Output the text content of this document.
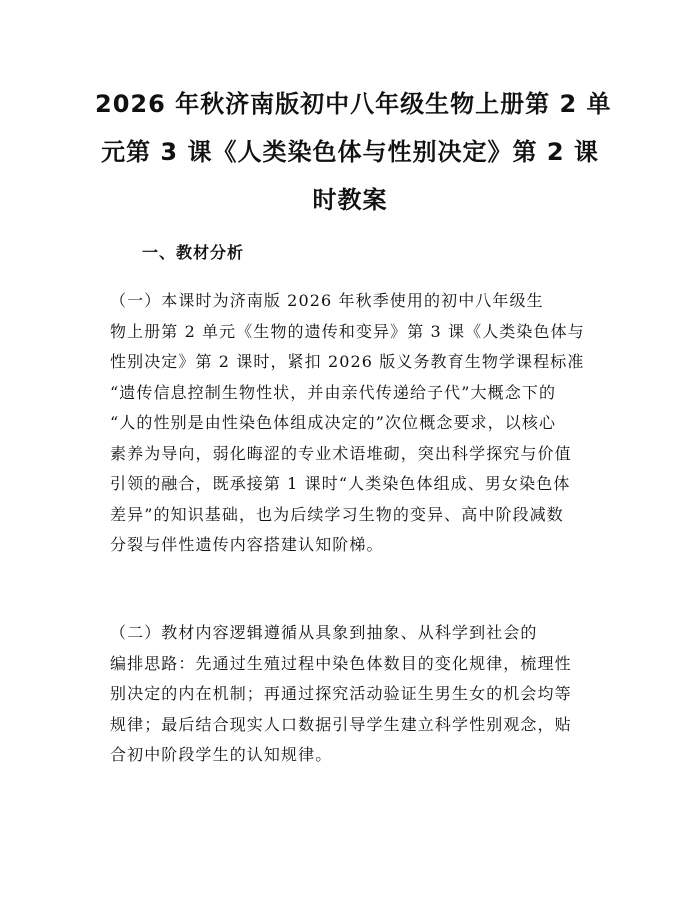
2026 年秋济南版初中八年级生物上册第 2 单
元第 3 课《人类染色体与性别决定》第 2 课
时教案
一、教材分析

（一）本课时为济南版 2026 年秋季使用的初中八年级生
物上册第 2 单元《生物的遗传和变异》第 3 课《人类染色体与
性别决定》第 2 课时，紧扣 2026 版义务教育生物学课程标准
“遗传信息控制生物性状，并由亲代传递给子代”大概念下的
“人的性别是由性染色体组成决定的”次位概念要求，以核心
素养为导向，弱化晦涩的专业术语堆砌，突出科学探究与价值
引领的融合，既承接第 1 课时“人类染色体组成、男女染色体
差异”的知识基础，也为后续学习生物的变异、高中阶段减数
分裂与伴性遗传内容搭建认知阶梯。

（二）教材内容逻辑遵循从具象到抽象、从科学到社会的
编排思路：先通过生殖过程中染色体数目的变化规律，梳理性
别决定的内在机制；再通过探究活动验证生男生女的机会均等
规律；最后结合现实人口数据引导学生建立科学性别观念，贴
合初中阶段学生的认知规律。
